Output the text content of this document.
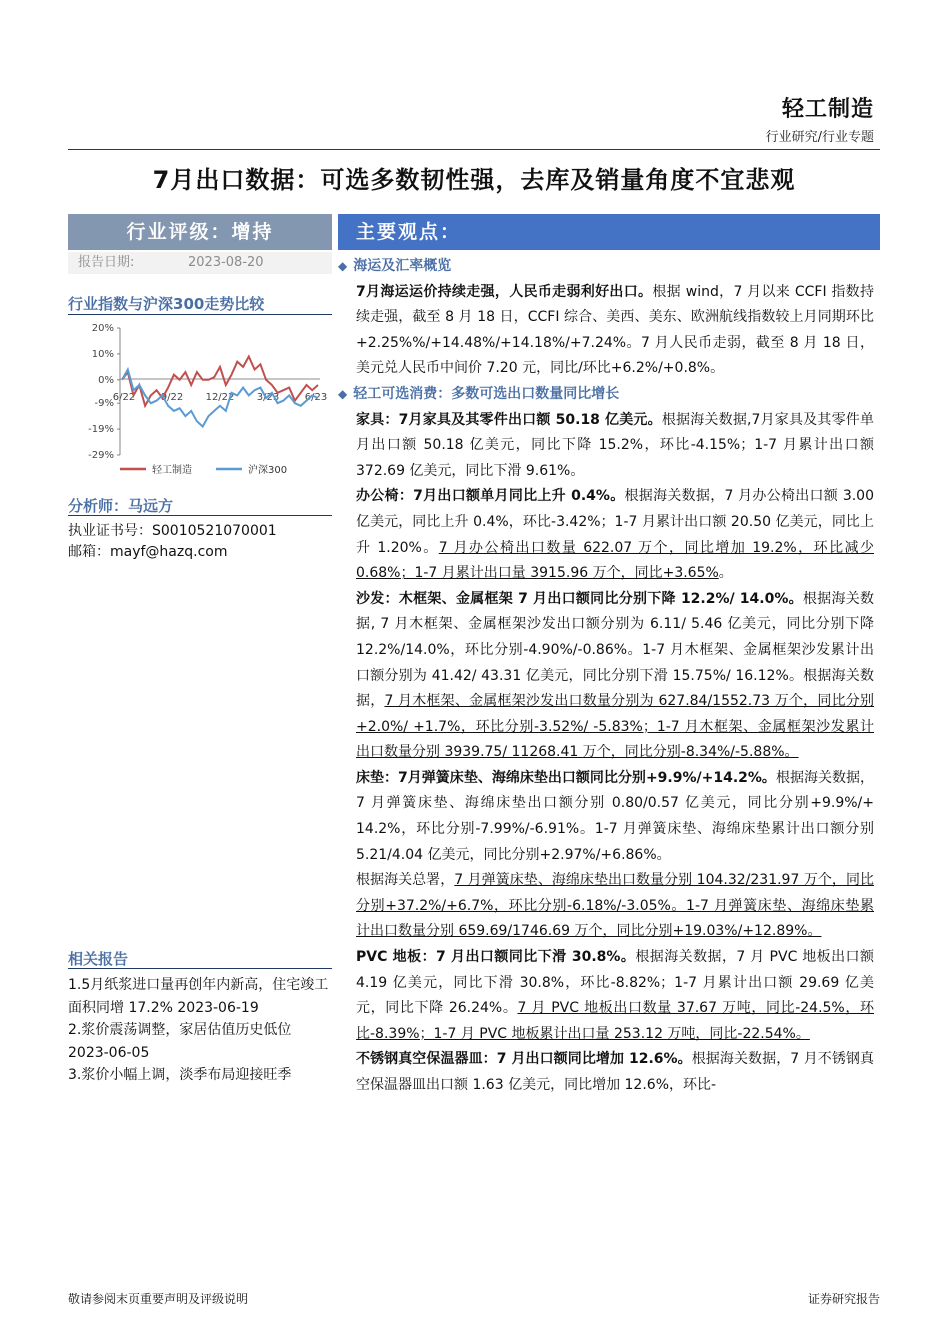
轻工制造
行业研究/行业专题
7月出口数据：可选多数韧性强，去库及销量角度不宜悲观
行业评级：增持
报告日期:	2023-08-20
行业指数与沪深300走势比较
20%
10%
0%
-9%
-19%
-29%
6/22	9/22 12/22 3/23	6/23
轻工制造	沪深300
分析师：马远方
执业证书号：S0010521070001
邮箱：mayf@hazq.com
相关报告
1.5月纸浆进口量再创年内新高，住宅竣工面积同增 17.2% 2023-06-19
2.浆价震荡调整，家居估值历史低位 2023-06-05
3.浆价小幅上调，淡季布局迎接旺季
主要观点：
◆ 海运及汇率概览

7月海运运价持续走强，人民币走弱利好出口。根据 wind，7 月以来 CCFI 指数持续走强，截至 8 月 18 日，CCFI 综合、美西、美东、欧洲航线指数较上月同期环比+2.25%%/+14.48%/+14.18%/+7.24%。7 月人民币走弱，截至 8 月 18 日，美元兑人民币中间价 7.20 元，同比/环比+6.2%/+0.8%。

◆ 轻工可选消费：多数可选出口数量同比增长

家具：7月家具及其零件出口额 50.18 亿美元。根据海关数据,7月家具及其零件单月出口额 50.18 亿美元，同比下降 15.2%，环比-4.15%；1-7 月累计出口额 372.69 亿美元，同比下滑 9.61%。

办公椅：7月出口额单月同比上升 0.4%。根据海关数据，7 月办公椅出口额 3.00 亿美元，同比上升 0.4%，环比-3.42%；1-7 月累计出口额 20.50 亿美元，同比上升 1.20%。7 月办公椅出口数量 622.07 万个，同比增加 19.2%，环比减少 0.68%；1-7 月累计出口量 3915.96 万个，同比+3.65%。

沙发：木框架、金属框架 7 月出口额同比分别下降 12.2%/ 14.0%。根据海关数据, 7 月木框架、金属框架沙发出口额分别为 6.11/ 5.46 亿美元，同比分别下降 12.2%/14.0%，环比分别-4.90%/-0.86%。1-7 月木框架、金属框架沙发累计出口额分别为 41.42/ 43.31 亿美元，同比分别下滑 15.75%/ 16.12%。根据海关数据，7 月木框架、金属框架沙发出口数量分别为 627.84/1552.73 万个，同比分别+2.0%/ +1.7%，环比分别-3.52%/ -5.83%；1-7 月木框架、金属框架沙发累计出口数量分别 3939.75/ 11268.41 万个，同比分别-8.34%/-5.88%。

床垫：7月弹簧床垫、海绵床垫出口额同比分别+9.9%/+14.2%。根据海关数据，7 月弹簧床垫、海绵床垫出口额分别 0.80/0.57 亿美元，同比分别+9.9%/+ 14.2%，环比分别-7.99%/-6.91%。1-7 月弹簧床垫、海绵床垫累计出口额分别 5.21/4.04 亿美元，同比分别+2.97%/+6.86%。

根据海关总署，7 月弹簧床垫、海绵床垫出口数量分别 104.32/231.97 万个，同比分别+37.2%/+6.7%，环比分别-6.18%/-3.05%。1-7 月弹簧床垫、海绵床垫累计出口数量分别 659.69/1746.69 万个，同比分别+19.03%/+12.89%。

PVC 地板：7 月出口额同比下滑 30.8%。根据海关数据，7 月 PVC 地板出口额 4.19 亿美元，同比下滑 30.8%，环比-8.82%；1-7 月累计出口额 29.69 亿美元，同比下降 26.24%。7 月 PVC 地板出口数量 37.67 万吨，同比-24.5%，环比-8.39%；1-7 月 PVC 地板累计出口量 253.12 万吨，同比-22.54%。

不锈钢真空保温器皿：7 月出口额同比增加 12.6%。根据海关数据，7 月不锈钢真空保温器皿出口额 1.63 亿美元，同比增加 12.6%，环比-

敬请参阅末页重要声明及评级说明	证券研究报告
